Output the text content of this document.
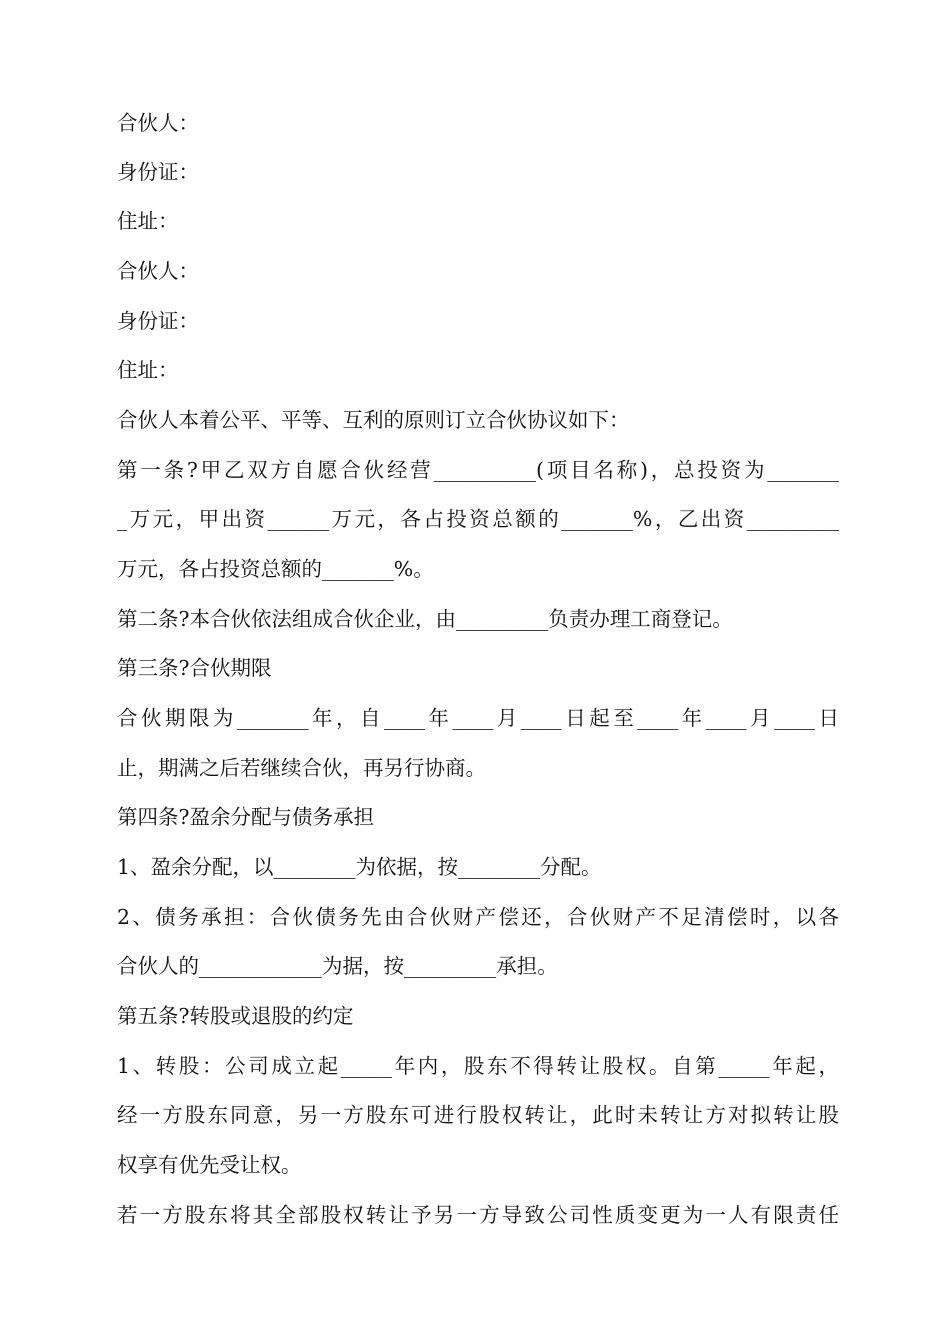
合伙人：
身份证：
住址：
合伙人：
身份证：
住址：
合伙人本着公平、平等、互利的原则订立合伙协议如下：
第一条?甲乙双方自愿合伙经营__________(项目名称)，总投资为_______
_万元，甲出资______万元，各占投资总额的_______%，乙出资_________
万元，各占投资总额的_______%。
第二条?本合伙依法组成合伙企业，由_________负责办理工商登记。
第三条?合伙期限
合伙期限为_______年，自____年____月____日起至____年____月____日
止，期满之后若继续合伙，再另行协商。
第四条?盈余分配与债务承担
1、盈余分配，以________为依据，按________分配。
2、债务承担：合伙债务先由合伙财产偿还，合伙财产不足清偿时，以各
合伙人的____________为据，按_________承担。
第五条?转股或退股的约定
1、转股：公司成立起_____年内，股东不得转让股权。自第_____年起，
经一方股东同意，另一方股东可进行股权转让，此时未转让方对拟转让股
权享有优先受让权。
若一方股东将其全部股权转让予另一方导致公司性质变更为一人有限责任
